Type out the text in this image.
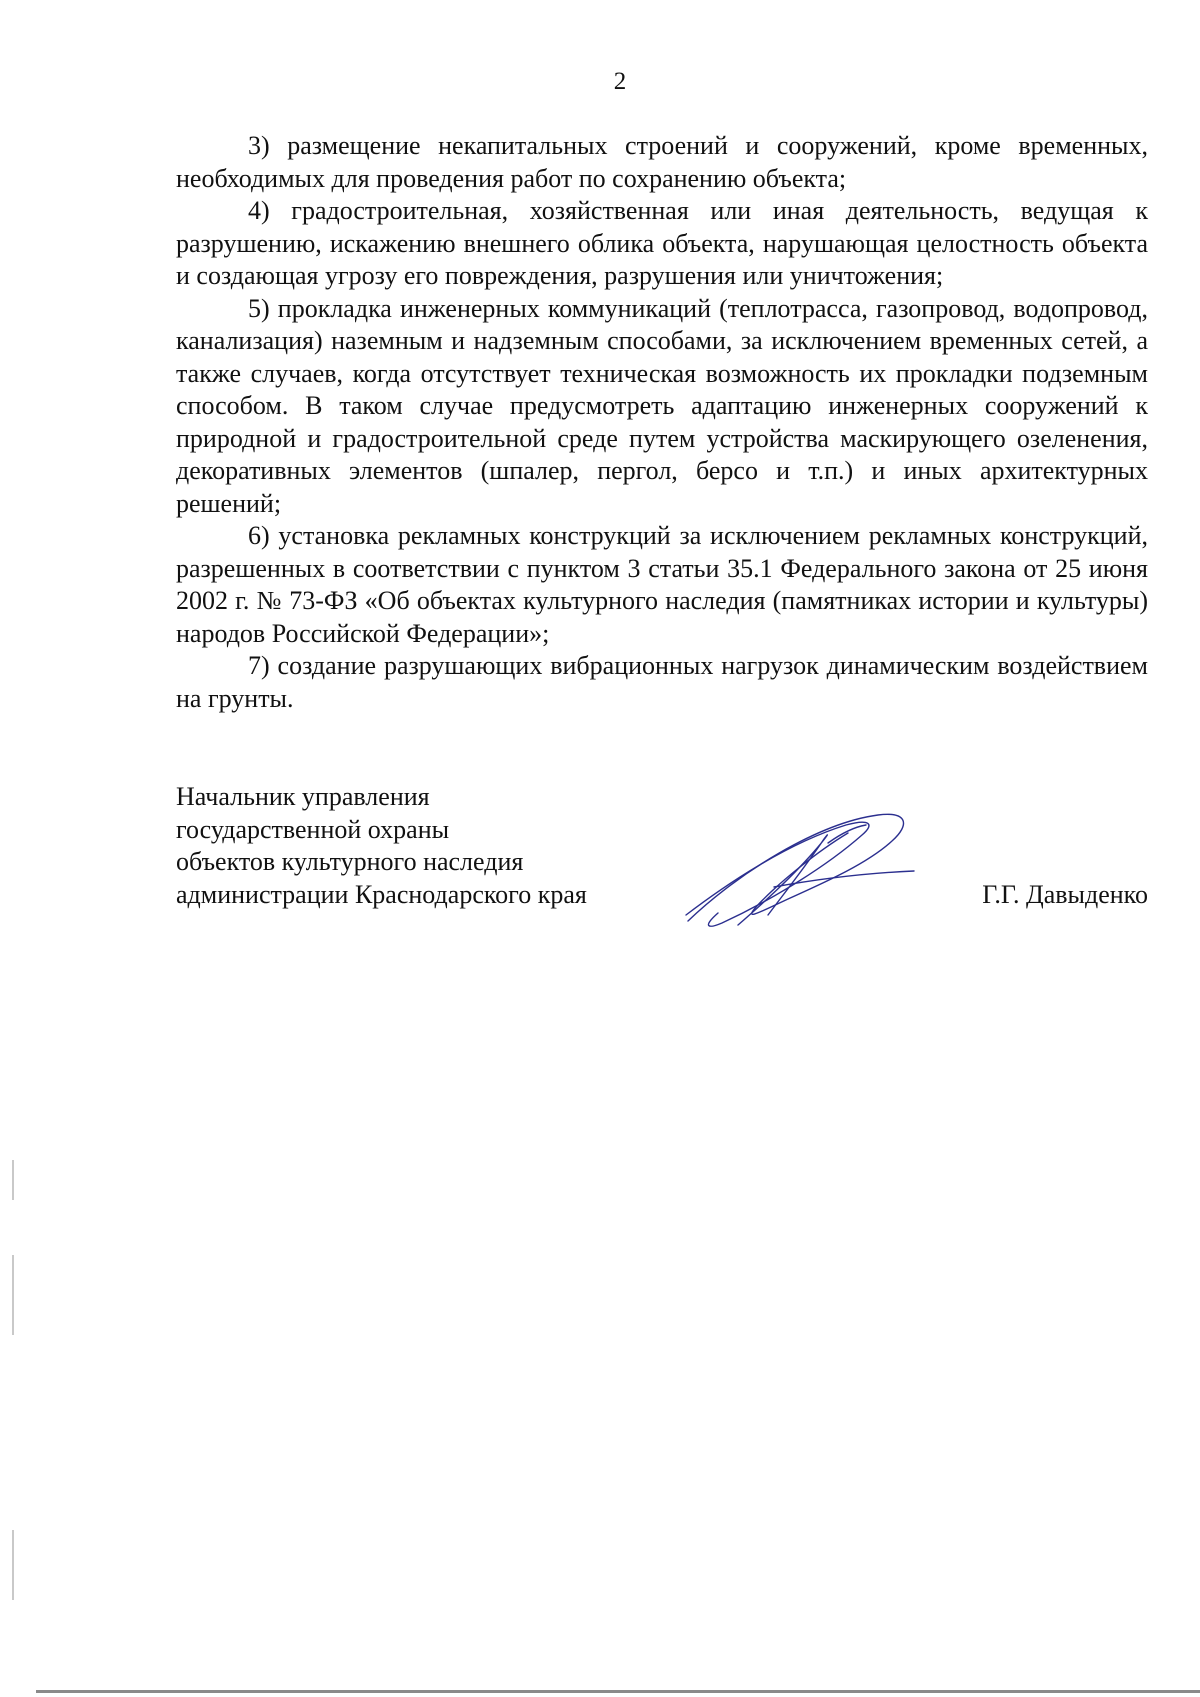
2

3) размещение некапитальных строений и сооружений, кроме временных, необходимых для проведения работ по сохранению объекта;

4) градостроительная, хозяйственная или иная деятельность, ведущая к разрушению, искажению внешнего облика объекта, нарушающая целостность объекта и создающая угрозу его повреждения, разрушения или уничтожения;

5) прокладка инженерных коммуникаций (теплотрасса, газопровод, водопровод, канализация) наземным и надземным способами, за исключением временных сетей, а также случаев, когда отсутствует техническая возможность их прокладки подземным способом. В таком случае предусмотреть адаптацию инженерных сооружений к природной и градостроительной среде путем устройства маскирующего озеленения, декоративных элементов (шпалер, пергол, берсо и т.п.) и иных архитектурных решений;

6) установка рекламных конструкций за исключением рекламных конструкций, разрешенных в соответствии с пунктом 3 статьи 35.1 Федерального закона от 25 июня 2002 г. № 73-ФЗ «Об объектах культурного наследия (памятниках истории и культуры) народов Российской Федерации»;

7) создание разрушающих вибрационных нагрузок динамическим воздействием на грунты.

Начальник управления
государственной охраны
объектов культурного наследия
администрации Краснодарского края	Г.Г. Давыденко
